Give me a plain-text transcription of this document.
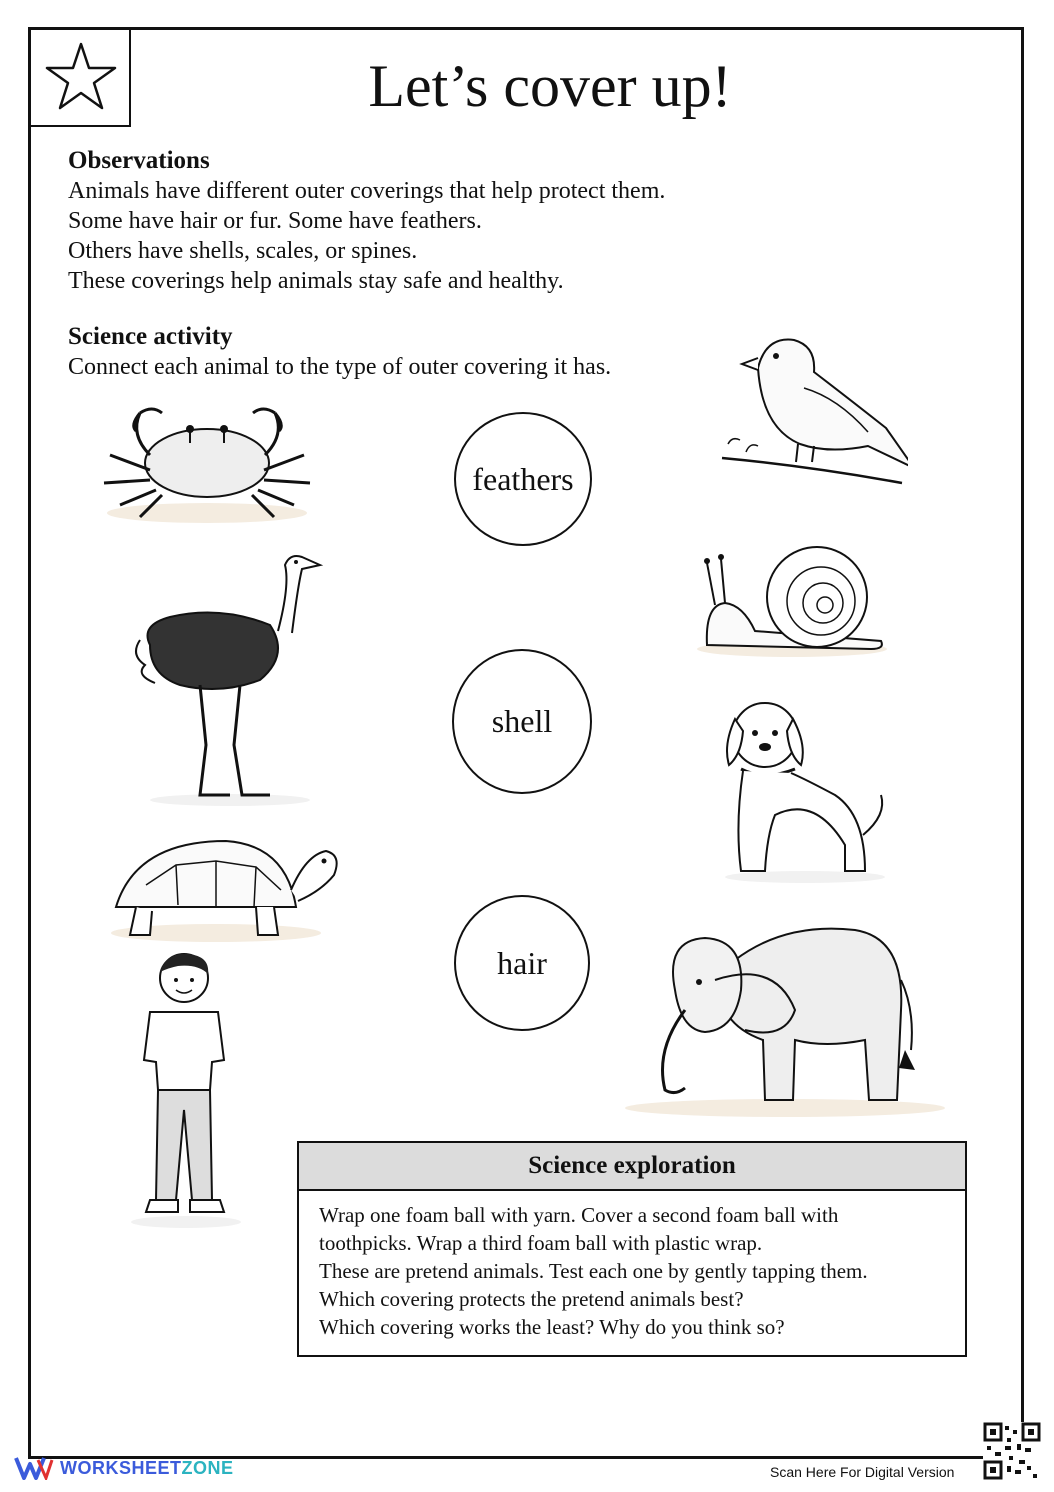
Let’s cover up!
Observations
Animals have different outer coverings that help protect them.
Some have hair or fur. Some have feathers.
Others have shells, scales, or spines.
These coverings help animals stay safe and healthy.
Science activity
Connect each animal to the type of outer covering it has.
feathers
shell
hair
Science exploration
Wrap one foam ball with yarn. Cover a second foam ball with
toothpicks. Wrap a third foam ball with plastic wrap.
These are pretend animals. Test each one by gently tapping them.
Which covering protects the pretend animals best?
Which covering works the least? Why do you think so?
WORKSHEETZONE	Scan Here For Digital Version
